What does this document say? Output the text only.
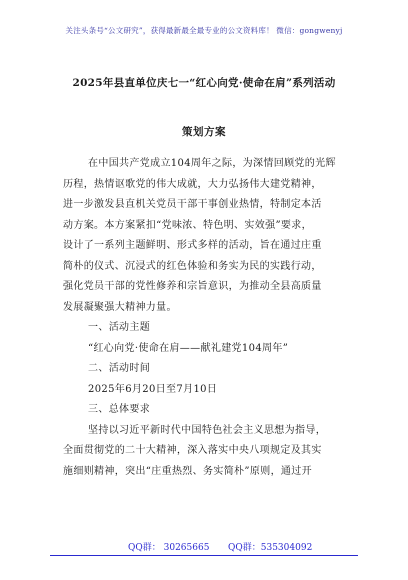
关注头条号“公文研究”，获得最新最全最专业的公文资料库！ 微信：gongwenyj
2025年县直单位庆七一“红心向党·使命在肩”系列活动
策划方案
在中国共产党成立104周年之际，为深情回顾党的光辉
历程，热情讴歌党的伟大成就，大力弘扬伟大建党精神，
进一步激发县直机关党员干部干事创业热情，特制定本活
动方案。本方案紧扣“党味浓、特色明、实效强”要求，
设计了一系列主题鲜明、形式多样的活动，旨在通过庄重
简朴的仪式、沉浸式的红色体验和务实为民的实践行动，
强化党员干部的党性修养和宗旨意识，为推动全县高质量
发展凝聚强大精神力量。
一、活动主题
“红心向党·使命在肩——献礼建党104周年”
二、活动时间
2025年6月20日至7月10日
三、总体要求
坚持以习近平新时代中国特色社会主义思想为指导，
全面贯彻党的二十大精神，深入落实中央八项规定及其实
施细则精神，突出“庄重热烈、务实简朴”原则，通过开
QQ群： 30265665 QQ群：535304092
